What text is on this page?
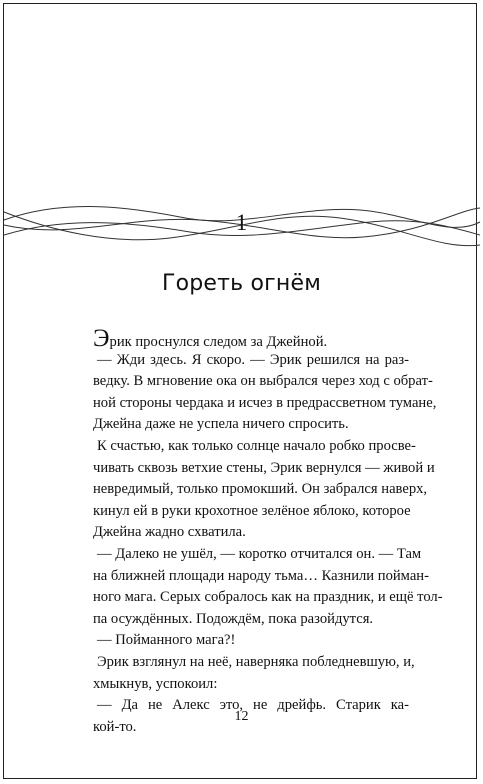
1
Гореть огнём
Эрик проснулся следом за Джейной.
— Жди здесь. Я скоро. — Эрик решился на раз-
ведку. В мгновение ока он выбрался через ход с обрат-
ной стороны чердака и исчез в предрассветном тумане,
Джейна даже не успела ничего спросить.
К счастью, как только солнце начало робко просве-
чивать сквозь ветхие стены, Эрик вернулся — живой и
невредимый, только промокший. Он забрался наверх,
кинул ей в руки крохотное зелёное яблоко, которое
Джейна жадно схватила.
— Далеко не ушёл, — коротко отчитался он. — Там
на ближней площади народу тьма… Казнили пойман-
ного мага. Серых собралось как на праздник, и ещё тол-
па осуждённых. Подождём, пока разойдутся.
— Пойманного мага?!
Эрик взглянул на неё, наверняка побледневшую, и,
хмыкнув, успокоил:
— Да не Алекс это, не дрейфь. Старик ка-
кой-то.
12
